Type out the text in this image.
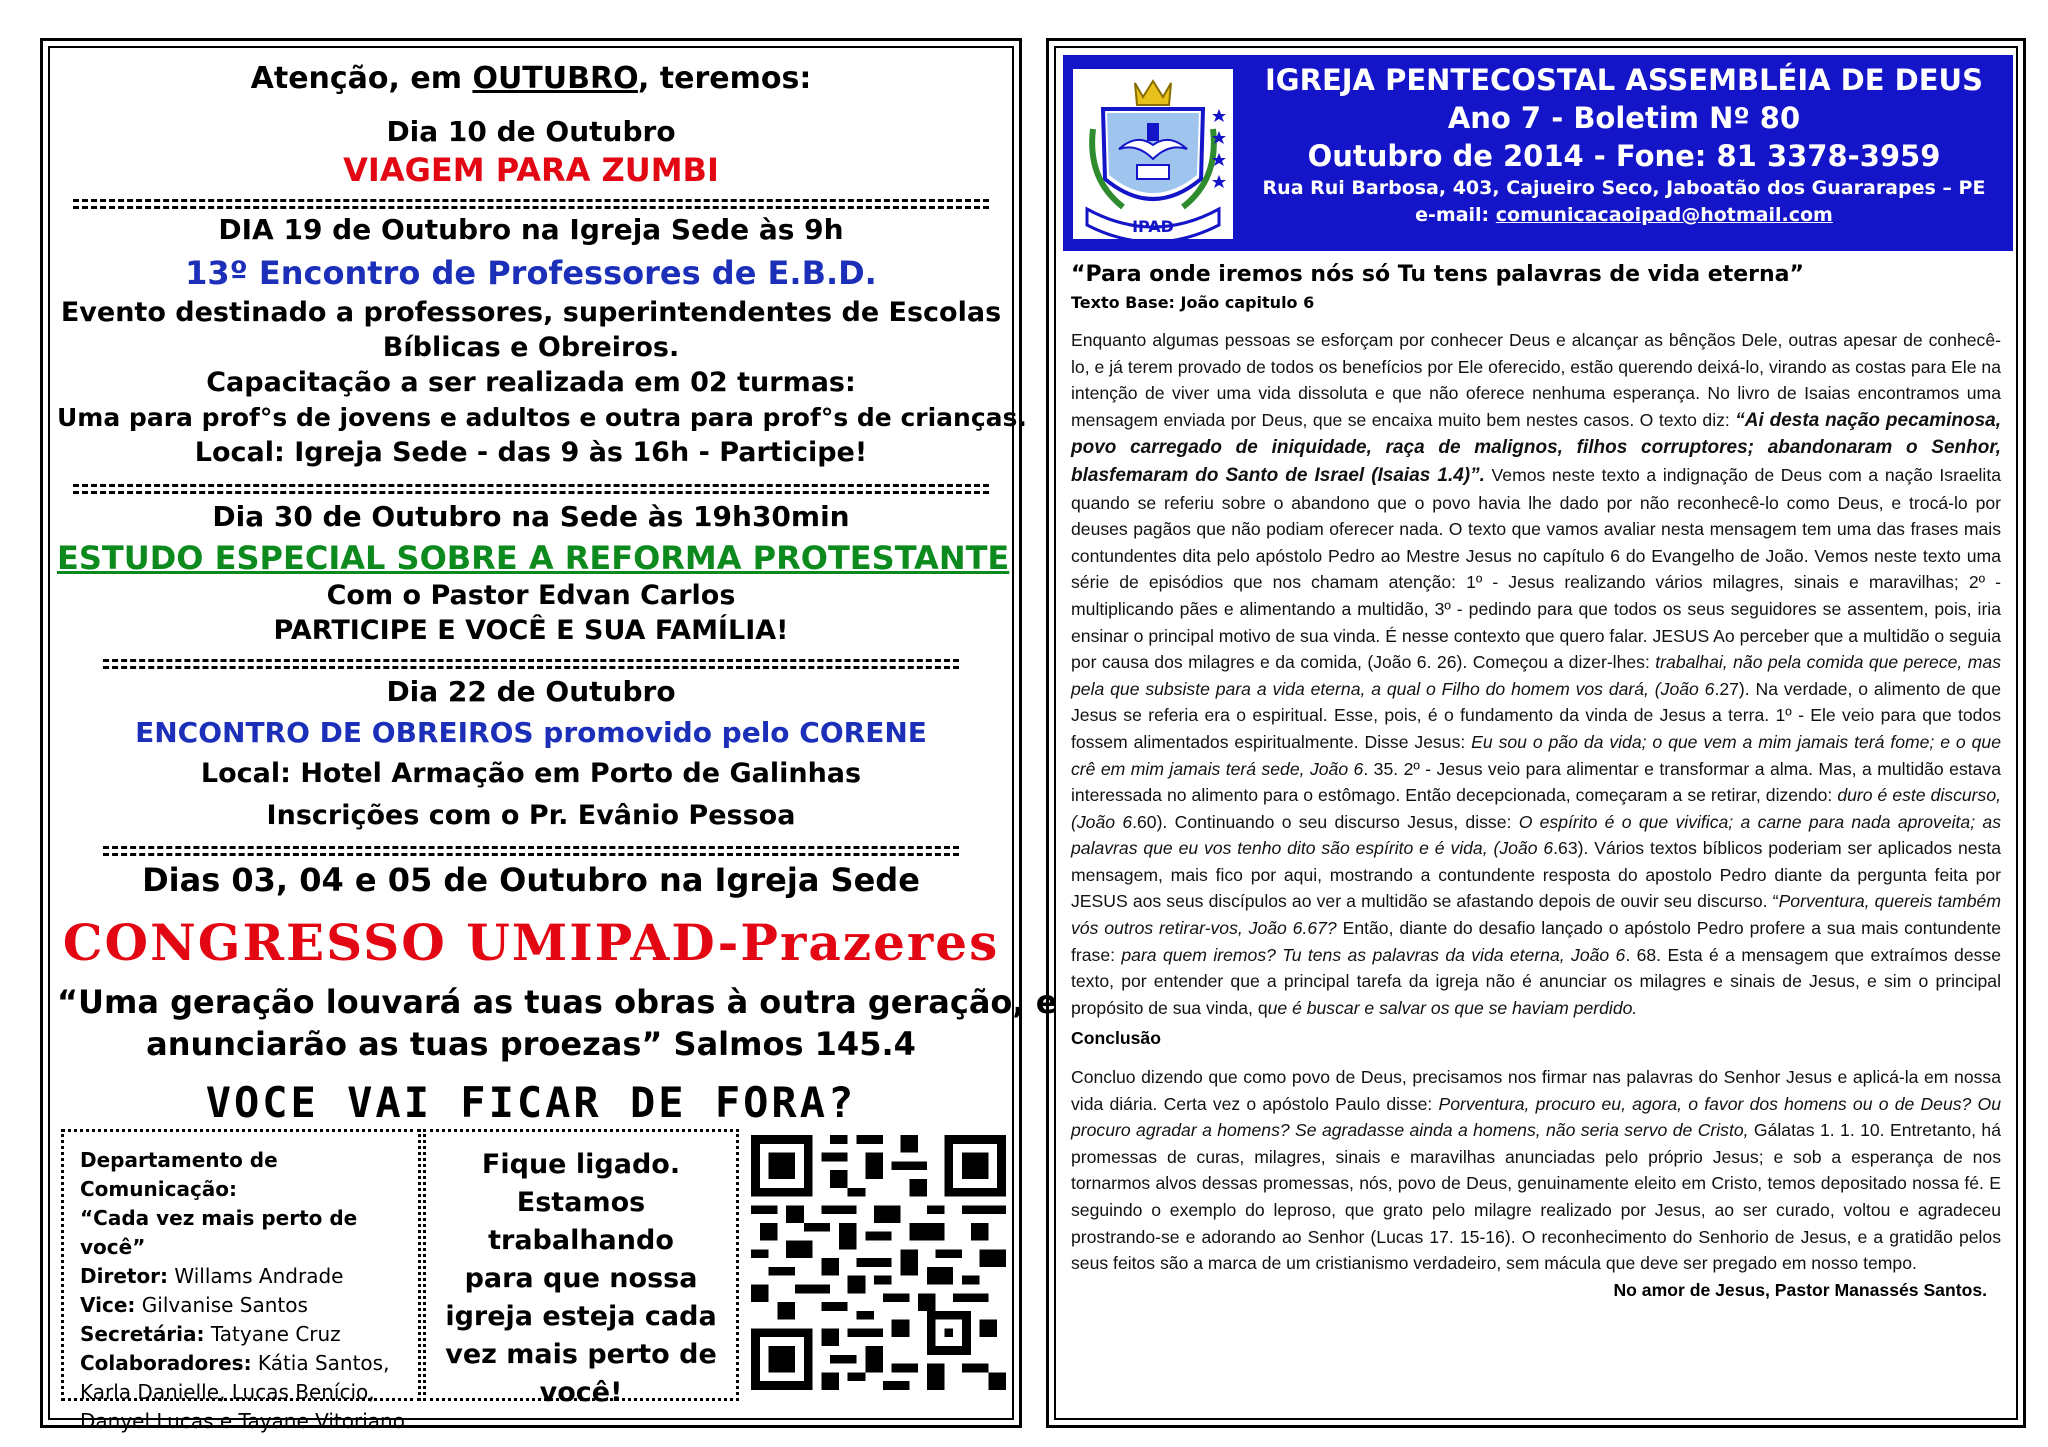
Atenção, em OUTUBRO, teremos:
Dia 10 de Outubro
VIAGEM PARA ZUMBI
DIA 19 de Outubro na Igreja Sede às 9h
13º Encontro de Professores de E.B.D.
Evento destinado a professores, superintendentes de Escolas
Bíblicas e Obreiros.
Capacitação a ser realizada em 02 turmas:
Uma para prof°s de jovens e adultos e outra para prof°s de crianças.
Local: Igreja Sede - das 9 às 16h - Participe!
Dia 30 de Outubro na Sede às 19h30min
ESTUDO ESPECIAL SOBRE A REFORMA PROTESTANTE
Com o Pastor Edvan Carlos
PARTICIPE E VOCÊ E SUA FAMÍLIA!
Dia 22 de Outubro
ENCONTRO DE OBREIROS promovido pelo CORENE
Local: Hotel Armação em Porto de Galinhas
Inscrições com o Pr. Evânio Pessoa
Dias 03, 04 e 05 de Outubro na Igreja Sede
CONGRESSO UMIPAD-Prazeres
“Uma geração louvará as tuas obras à outra geração, e
anunciarão as tuas proezas” Salmos 145.4
VOCE VAI FICAR DE FORA?
Departamento de Comunicação:
“Cada vez mais perto de você”
Diretor: Willams Andrade
Vice: Gilvanise Santos
Secretária: Tatyane Cruz
Colaboradores: Kátia Santos,
Karla Danielle, Lucas Benício,
Danyel Lucas e Tayane Vitoriano.
Fique ligado.
Estamos trabalhando
para que nossa
igreja esteja cada
vez mais perto de
você!
IPAD
IGREJA PENTECOSTAL ASSEMBLÉIA DE DEUS
Ano 7 - Boletim Nº 80
Outubro de 2014 - Fone: 81 3378-3959
Rua Rui Barbosa, 403, Cajueiro Seco, Jaboatão dos Guararapes – PE
e-mail: comunicacaoipad@hotmail.com
“Para onde iremos nós só Tu tens palavras de vida eterna”
Texto Base: João capitulo 6
Enquanto algumas pessoas se esforçam por conhecer Deus e alcançar as bênçãos Dele, outras apesar de conhecê-lo, e já terem provado de todos os benefícios por Ele oferecido, estão querendo deixá-lo, virando as costas para Ele na intenção de viver uma vida dissoluta e que não oferece nenhuma esperança. No livro de Isaias encontramos uma mensagem enviada por Deus, que se encaixa muito bem nestes casos. O texto diz: “Ai desta nação pecaminosa, povo carregado de iniquidade, raça de malignos, filhos corruptores; abandonaram o Senhor, blasfemaram do Santo de Israel (Isaias 1.4)”. Vemos neste texto a indignação de Deus com a nação Israelita quando se referiu sobre o abandono que o povo havia lhe dado por não reconhecê-lo como Deus, e trocá-lo por deuses pagãos que não podiam oferecer nada. O texto que vamos avaliar nesta mensagem tem uma das frases mais contundentes dita pelo apóstolo Pedro ao Mestre Jesus no capítulo 6 do Evangelho de João. Vemos neste texto uma série de episódios que nos chamam atenção: 1º - Jesus realizando vários milagres, sinais e maravilhas; 2º - multiplicando pães e alimentando a multidão, 3º - pedindo para que todos os seus seguidores se assentem, pois, iria ensinar o principal motivo de sua vinda. É nesse contexto que quero falar. JESUS Ao perceber que a multidão o seguia por causa dos milagres e da comida, (João 6. 26). Começou a dizer-lhes: trabalhai, não pela comida que perece, mas pela que subsiste para a vida eterna, a qual o Filho do homem vos dará, (João 6.27). Na verdade, o alimento de que Jesus se referia era o espiritual. Esse, pois, é o fundamento da vinda de Jesus a terra. 1º - Ele veio para que todos fossem alimentados espiritualmente. Disse Jesus: Eu sou o pão da vida; o que vem a mim jamais terá fome; e o que crê em mim jamais terá sede, João 6. 35. 2º - Jesus veio para alimentar e transformar a alma. Mas, a multidão estava interessada no alimento para o estômago. Então decepcionada, começaram a se retirar, dizendo: duro é este discurso, (João 6.60). Continuando o seu discurso Jesus, disse: O espírito é o que vivifica; a carne para nada aproveita; as palavras que eu vos tenho dito são espírito e é vida, (João 6.63). Vários textos bíblicos poderiam ser aplicados nesta mensagem, mais fico por aqui, mostrando a contundente resposta do apostolo Pedro diante da pergunta feita por JESUS aos seus discípulos ao ver a multidão se afastando depois de ouvir seu discurso. “Porventura, quereis também vós outros retirar-vos, João 6.67? Então, diante do desafio lançado o apóstolo Pedro profere a sua mais contundente frase: para quem iremos? Tu tens as palavras da vida eterna, João 6. 68. Esta é a mensagem que extraímos desse texto, por entender que a principal tarefa da igreja não é anunciar os milagres e sinais de Jesus, e sim o principal propósito de sua vinda, que é buscar e salvar os que se haviam perdido.
Conclusão
Concluo dizendo que como povo de Deus, precisamos nos firmar nas palavras do Senhor Jesus e aplicá-la em nossa vida diária. Certa vez o apóstolo Paulo disse: Porventura, procuro eu, agora, o favor dos homens ou o de Deus? Ou procuro agradar a homens? Se agradasse ainda a homens, não seria servo de Cristo, Gálatas 1. 1. 10. Entretanto, há promessas de curas, milagres, sinais e maravilhas anunciadas pelo próprio Jesus; e sob a esperança de nos tornarmos alvos dessas promessas, nós, povo de Deus, genuinamente eleito em Cristo, temos depositado nossa fé. E seguindo o exemplo do leproso, que grato pelo milagre realizado por Jesus, ao ser curado, voltou e agradeceu prostrando-se e adorando ao Senhor (Lucas 17. 15-16). O reconhecimento do Senhorio de Jesus, e a gratidão pelos seus feitos são a marca de um cristianismo verdadeiro, sem mácula que deve ser pregado em nosso tempo.
No amor de Jesus, Pastor Manassés Santos.
